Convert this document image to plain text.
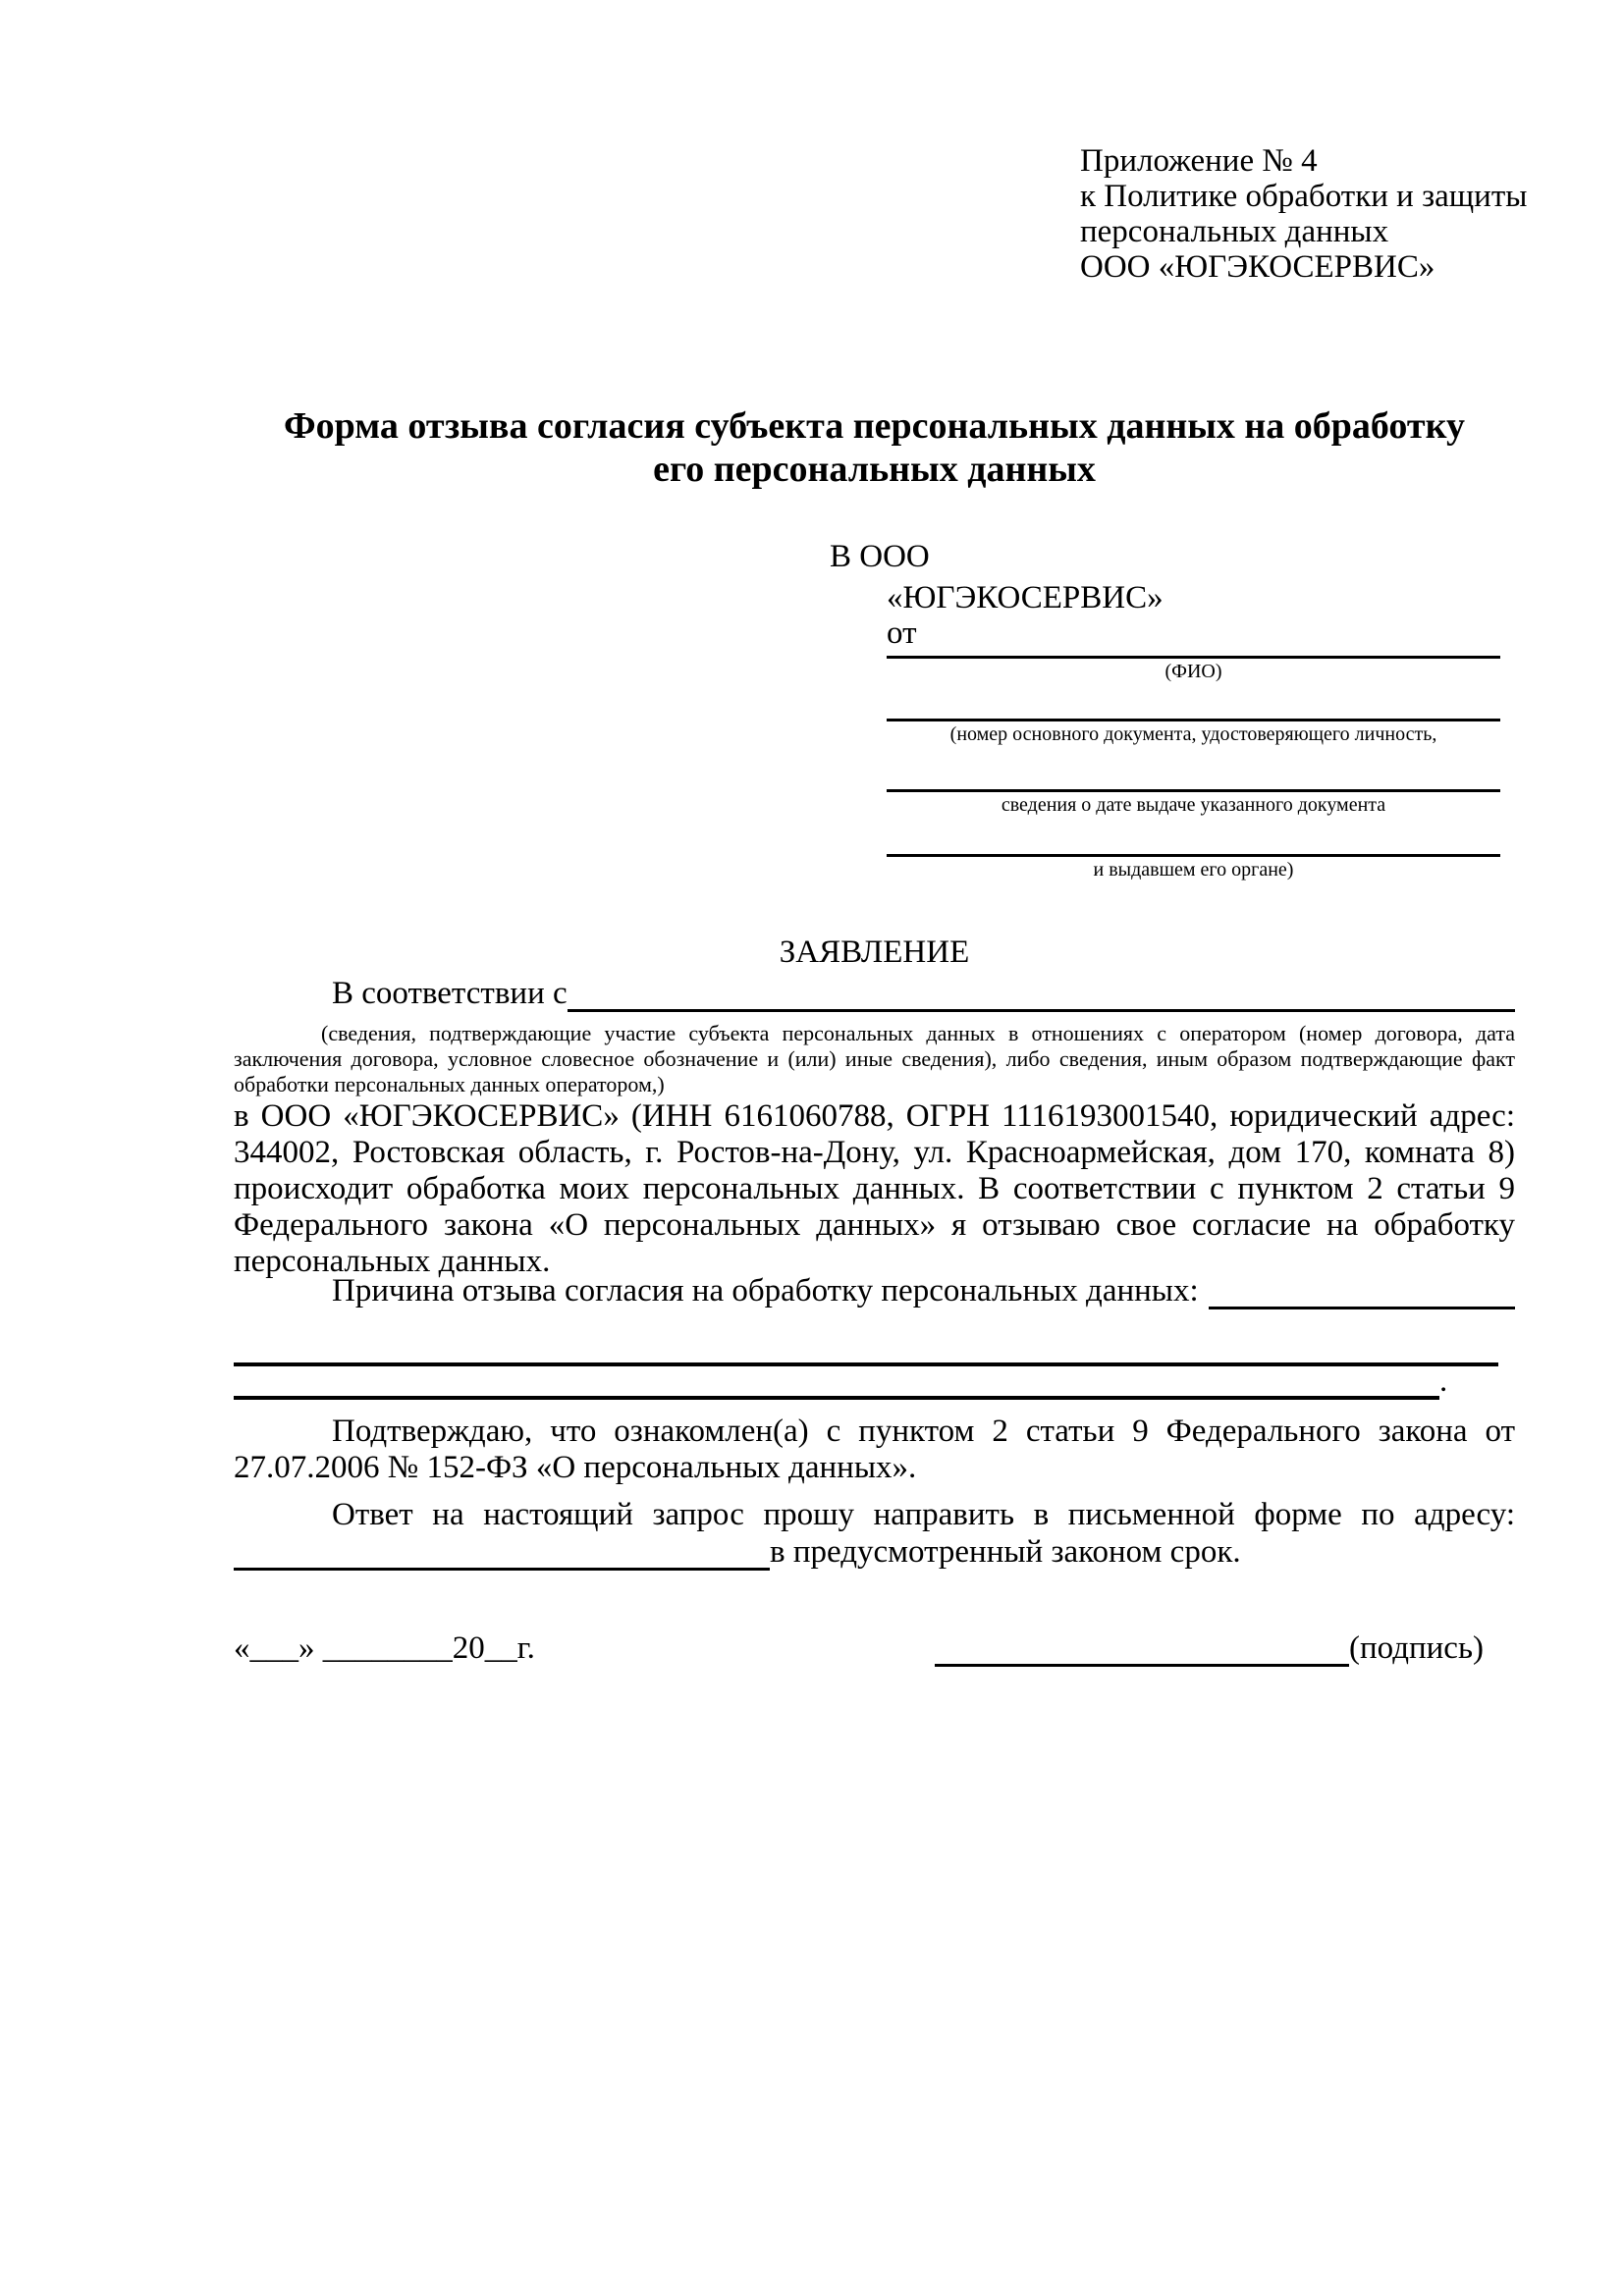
Приложение № 4
к Политике обработки и защиты
персональных данных
ООО «ЮГЭКОСЕРВИС»
Форма отзыва согласия субъекта персональных данных на обработку
его персональных данных
В ООО
«ЮГЭКОСЕРВИС»
от
(ФИО)
(номер основного документа, удостоверяющего личность,
сведения о дате выдаче указанного документа
и выдавшем его органе)
ЗАЯВЛЕНИЕ
В соответствии с
(сведения, подтверждающие участие субъекта персональных данных в отношениях с оператором (номер договора, дата заключения договора, условное словесное обозначение и (или) иные сведения), либо сведения, иным образом подтверждающие факт обработки персональных данных оператором,)
в ООО «ЮГЭКОСЕРВИС» (ИНН 6161060788, ОГРН 1116193001540, юридический адрес: 344002, Ростовская область, г. Ростов-на-Дону, ул. Красноармейская, дом 170, комната 8) происходит обработка моих персональных данных. В соответствии с пунктом 2 статьи 9 Федерального закона «О персональных данных» я отзываю свое согласие на обработку персональных данных.
Причина отзыва согласия на обработку персональных данных:
.
Подтверждаю, что ознакомлен(а) с пунктом 2 статьи 9 Федерального закона от 27.07.2006 № 152-ФЗ «О персональных данных».
Ответ на настоящий запрос прошу направить в письменной форме по адресу:
в предусмотренный законом срок.
«___» ________20__г.	(подпись)
